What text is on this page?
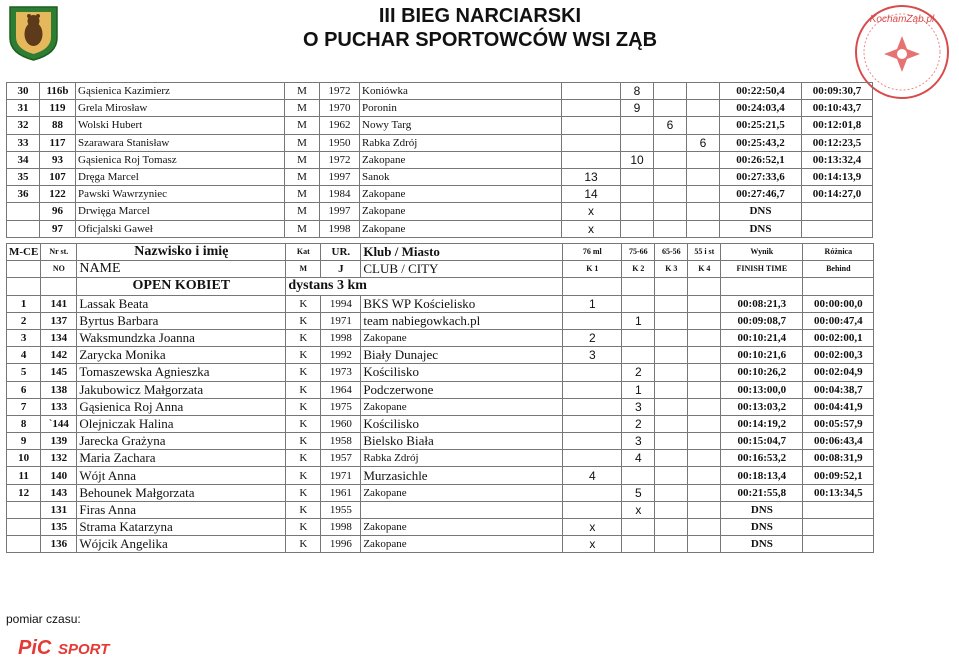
III BIEG NARCIARSKI
O PUCHAR SPORTOWCÓW WSI ZĄB
KochamZąb.pl
30	116b	Gąsienica Kazimierz	M	1972	Koniówka		8			00:22:50,4	00:09:30,7
31	119	Grela Mirosław	M	1970	Poronin		9			00:24:03,4	00:10:43,7
32	88	Wolski Hubert	M	1962	Nowy Targ			6		00:25:21,5	00:12:01,8
33	117	Szarawara Stanisław	M	1950	Rabka Zdrój				6	00:25:43,2	00:12:23,5
34	93	Gąsienica Roj Tomasz	M	1972	Zakopane		10			00:26:52,1	00:13:32,4
35	107	Dręga Marcel	M	1997	Sanok	13				00:27:33,6	00:14:13,9
36	122	Pawski Wawrzyniec	M	1984	Zakopane	14				00:27:46,7	00:14:27,0
	96	Drwięga Marcel	M	1997	Zakopane	x				DNS	
	97	Oficjalski Gaweł	M	1998	Zakopane	x				DNS	
M-CE	Nr st.	Nazwisko i imię	Kat	UR.	Klub / Miasto	76 ml	75-66	65-56	55 i st	Wynik	Różnica
	NO	NAME	M	J	CLUB / CITY	K 1	K 2	K 3	K 4	FINISH TIME	Behind
		OPEN KOBIET	dystans 3 km								
1	141	Lassak Beata	K	1994	BKS WP Kościelisko	1				00:08:21,3	00:00:00,0
2	137	Byrtus Barbara	K	1971	team nabiegowkach.pl		1			00:09:08,7	00:00:47,4
3	134	Waksmundzka Joanna	K	1998	Zakopane	2				00:10:21,4	00:02:00,1
4	142	Zarycka Monika	K	1992	Biały Dunajec	3				00:10:21,6	00:02:00,3
5	145	Tomaszewska Agnieszka	K	1973	Kościlisko		2			00:10:26,2	00:02:04,9
6	138	Jakubowicz Małgorzata	K	1964	Podczerwone		1			00:13:00,0	00:04:38,7
7	133	Gąsienica Roj Anna	K	1975	Zakopane		3			00:13:03,2	00:04:41,9
8	`144	Olejniczak Halina	K	1960	Kościlisko		2			00:14:19,2	00:05:57,9
9	139	Jarecka Grażyna	K	1958	Bielsko Biała		3			00:15:04,7	00:06:43,4
10	132	Maria Zachara	K	1957	Rabka Zdrój		4			00:16:53,2	00:08:31,9
11	140	Wójt Anna	K	1971	Murzasichle	4				00:18:13,4	00:09:52,1
12	143	Behounek Małgorzata	K	1961	Zakopane		5			00:21:55,8	00:13:34,5
	131	Firas Anna	K	1955			x			DNS	
	135	Strama Katarzyna	K	1998	Zakopane	x				DNS	
	136	Wójcik Angelika	K	1996	Zakopane	x				DNS	
pomiar czasu:
PiC SPORT
